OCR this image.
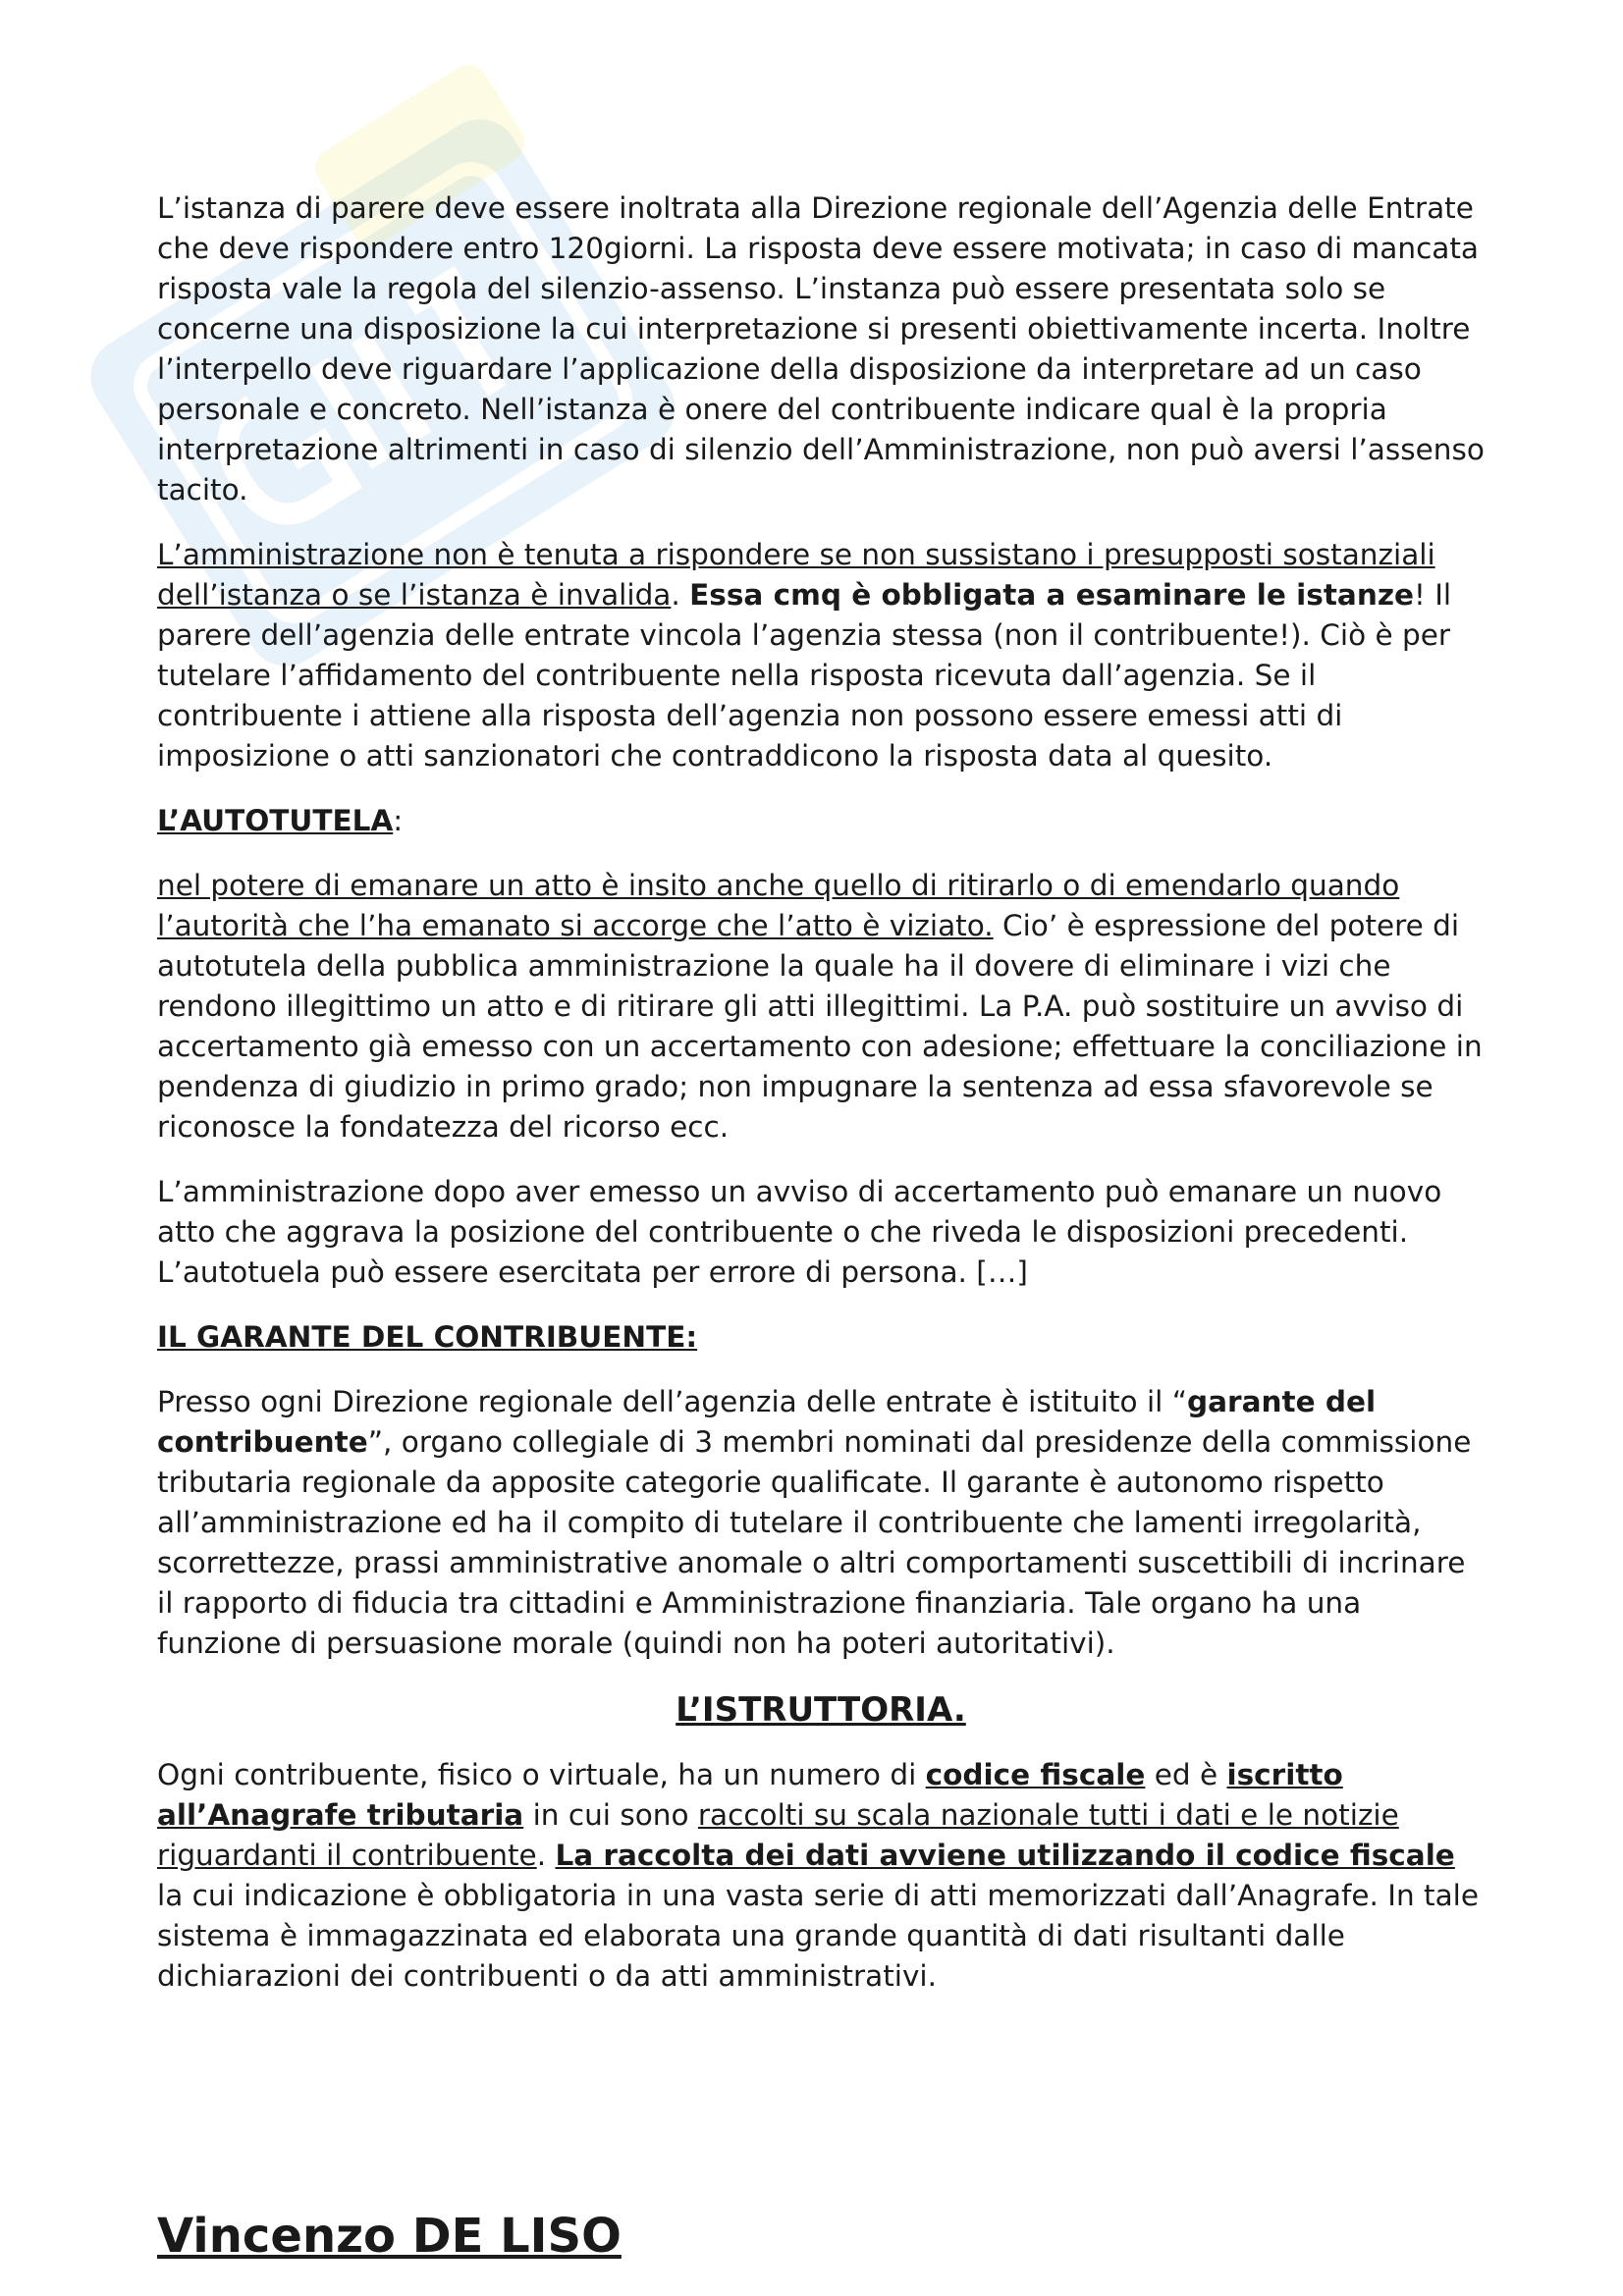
L’istanza di parere deve essere inoltrata alla Direzione regionale dell’Agenzia delle Entrate che deve rispondere entro 120giorni. La risposta deve essere motivata; in caso di mancata risposta vale la regola del silenzio-assenso. L’instanza può essere presentata solo se concerne una disposizione la cui interpretazione si presenti obiettivamente incerta. Inoltre l’interpello deve riguardare l’applicazione della disposizione da interpretare ad un caso personale e concreto. Nell’istanza è onere del contribuente indicare qual è la propria interpretazione altrimenti in caso di silenzio dell’Amministrazione, non può aversi l’assenso tacito.

L’amministrazione non è tenuta a rispondere se non sussistano i presupposti sostanziali dell’istanza o se l’istanza è invalida. Essa cmq è obbligata a esaminare le istanze! Il parere dell’agenzia delle entrate vincola l’agenzia stessa (non il contribuente!). Ciò è per tutelare l’affidamento del contribuente nella risposta ricevuta dall’agenzia. Se il contribuente i attiene alla risposta dell’agenzia non possono essere emessi atti di imposizione o atti sanzionatori che contraddicono la risposta data al quesito.

L’AUTOTUTELA:

nel potere di emanare un atto è insito anche quello di ritirarlo o di emendarlo quando l’autorità che l’ha emanato si accorge che l’atto è viziato. Cio’ è espressione del potere di autotutela della pubblica amministrazione la quale ha il dovere di eliminare i vizi che rendono illegittimo un atto e di ritirare gli atti illegittimi. La P.A. può sostituire un avviso di accertamento già emesso con un accertamento con adesione; effettuare la conciliazione in pendenza di giudizio in primo grado; non impugnare la sentenza ad essa sfavorevole se riconosce la fondatezza del ricorso ecc.

L’amministrazione dopo aver emesso un avviso di accertamento può emanare un nuovo atto che aggrava la posizione del contribuente o che riveda le disposizioni precedenti. L’autotuela può essere esercitata per errore di persona. […]

IL GARANTE DEL CONTRIBUENTE:

Presso ogni Direzione regionale dell’agenzia delle entrate è istituito il “garante del contribuente”, organo collegiale di 3 membri nominati dal presidenze della commissione tributaria regionale da apposite categorie qualificate. Il garante è autonomo rispetto all’amministrazione ed ha il compito di tutelare il contribuente che lamenti irregolarità, scorrettezze, prassi amministrative anomale o altri comportamenti suscettibili di incrinare il rapporto di fiducia tra cittadini e Amministrazione finanziaria. Tale organo ha una funzione di persuasione morale (quindi non ha poteri autoritativi).

L’ISTRUTTORIA.

Ogni contribuente, fisico o virtuale, ha un numero di codice fiscale ed è iscritto all’Anagrafe tributaria in cui sono raccolti su scala nazionale tutti i dati e le notizie riguardanti il contribuente. La raccolta dei dati avviene utilizzando il codice fiscale la cui indicazione è obbligatoria in una vasta serie di atti memorizzati dall’Anagrafe. In tale sistema è immagazzinata ed elaborata una grande quantità di dati risultanti dalle dichiarazioni dei contribuenti o da atti amministrativi.

Vincenzo DE LISO
